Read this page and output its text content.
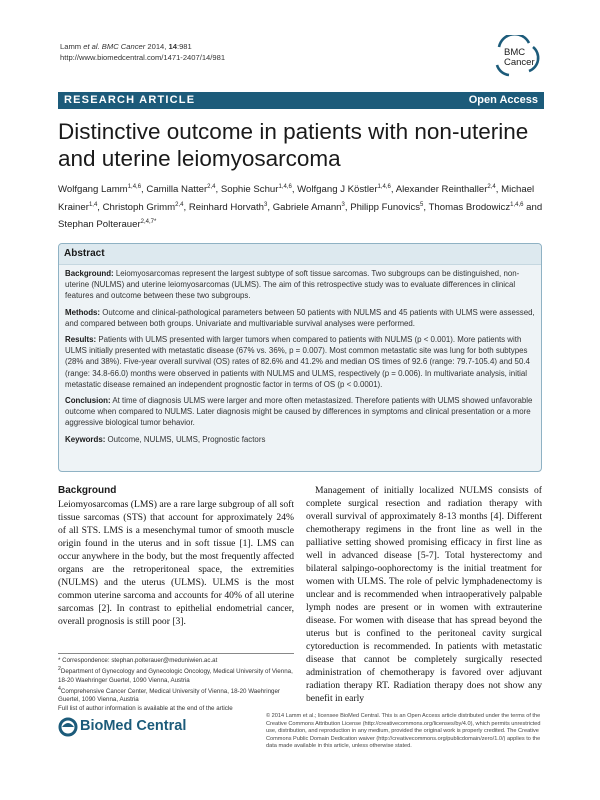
Lamm et al. BMC Cancer 2014, 14:981
http://www.biomedcentral.com/1471-2407/14/981	BMC
Cancer
RESEARCH ARTICLE	Open Access
Distinctive outcome in patients with non-uterine
and uterine leiomyosarcoma
Wolfgang Lamm$^{1,4,6}$, Camilla Natter$^{2,4}$, Sophie Schur$^{1,4,6}$, Wolfgang J Köstler$^{1,4,6}$, Alexander Reinthaller$^{2,4}$, Michael Krainer$^{1,4}$, Christoph Grimm$^{2,4}$, Reinhard Horvath$^3$, Gabriele Amann$^3$, Philipp Funovics$^5$, Thomas Brodowicz$^{1,4,6}$ and Stephan Polterauer$^{2,4,7*}$
Abstract

Background: Leiomyosarcomas represent the largest subtype of soft tissue sarcomas. Two subgroups can be distinguished, non-uterine (NULMS) and uterine leiomyosarcomas (ULMS). The aim of this retrospective study was to evaluate differences in clinical features and outcome between these two subgroups.

Methods: Outcome and clinical-pathological parameters between 50 patients with NULMS and 45 patients with ULMS were assessed, and compared between both groups. Univariate and multivariable survival analyses were performed.

Results: Patients with ULMS presented with larger tumors when compared to patients with NULMS (p < 0.001). More patients with ULMS initially presented with metastatic disease (67% vs. 36%, p = 0.007). Most common metastatic site was lung for both subtypes (28% and 38%). Five-year overall survival (OS) rates of 82.6% and 41.2% and median OS times of 92.6 (range: 79.7-105.4) and 50.4 (range: 34.8-66.0) months were observed in patients with NULMS and ULMS, respectively (p = 0.006). In multivariate analysis, initial metastatic disease remained an independent prognostic factor in terms of OS (p < 0.0001).

Conclusion: At time of diagnosis ULMS were larger and more often metastasized. Therefore patients with ULMS showed unfavorable outcome when compared to NULMS. Later diagnosis might be caused by differences in symptoms and clinical presentation or a more aggressive biological tumor behavior.

Keywords: Outcome, NULMS, ULMS, Prognostic factors

Background

Leiomyosarcomas (LMS) are a rare large subgroup of all soft tissue sarcomas (STS) that account for approximately 24% of all STS. LMS is a mesenchymal tumor of smooth muscle origin found in the uterus and in soft tissue [1]. LMS can occur anywhere in the body, but the most frequently affected organs are the retroperitoneal space, the extremities (NULMS) and the uterus (ULMS). ULMS is the most common uterine sarcoma and accounts for 40% of all uterine sarcomas [2]. In contrast to epithelial endometrial cancer, overall prognosis is still poor [3].

Management of initially localized NULMS consists of complete surgical resection and radiation therapy with overall survival of approximately 8-13 months [4]. Different chemotherapy regimens in the front line as well in the palliative setting showed promising efficacy in first line as well in advanced disease [5-7]. Total hysterectomy and bilateral salpingo-oophorectomy is the initial treatment for women with ULMS. The role of pelvic lymphadenectomy is unclear and is recommended when intraoperatively palpable lymph nodes are present or in women with extrauterine disease. For women with disease that has spread beyond the uterus but is confined to the peritoneal cavity surgical cytoreduction is recommended. In patients with metastatic disease that cannot be completely surgically resected administration of chemotherapy is favored over adjuvant radiation therapy RT. Radiation therapy does not show any benefit in early

* Correspondence: stephan.polterauer@meduniwien.ac.at
$^2$Department of Gynecology and Gynecologic Oncology, Medical University of Vienna, 18-20 Waehringer Guertel, 1090 Vienna, Austria
$^4$Comprehensive Cancer Center, Medical University of Vienna, 18-20 Waehringer Guertel, 1090 Vienna, Austria
Full list of author information is available at the end of the article
BioMed Central
© 2014 Lamm et al.; licensee BioMed Central. This is an Open Access article distributed under the terms of the Creative Commons Attribution License (http://creativecommons.org/licenses/by/4.0), which permits unrestricted use, distribution, and reproduction in any medium, provided the original work is properly credited. The Creative Commons Public Domain Dedication waiver (http://creativecommons.org/publicdomain/zero/1.0/) applies to the data made available in this article, unless otherwise stated.
